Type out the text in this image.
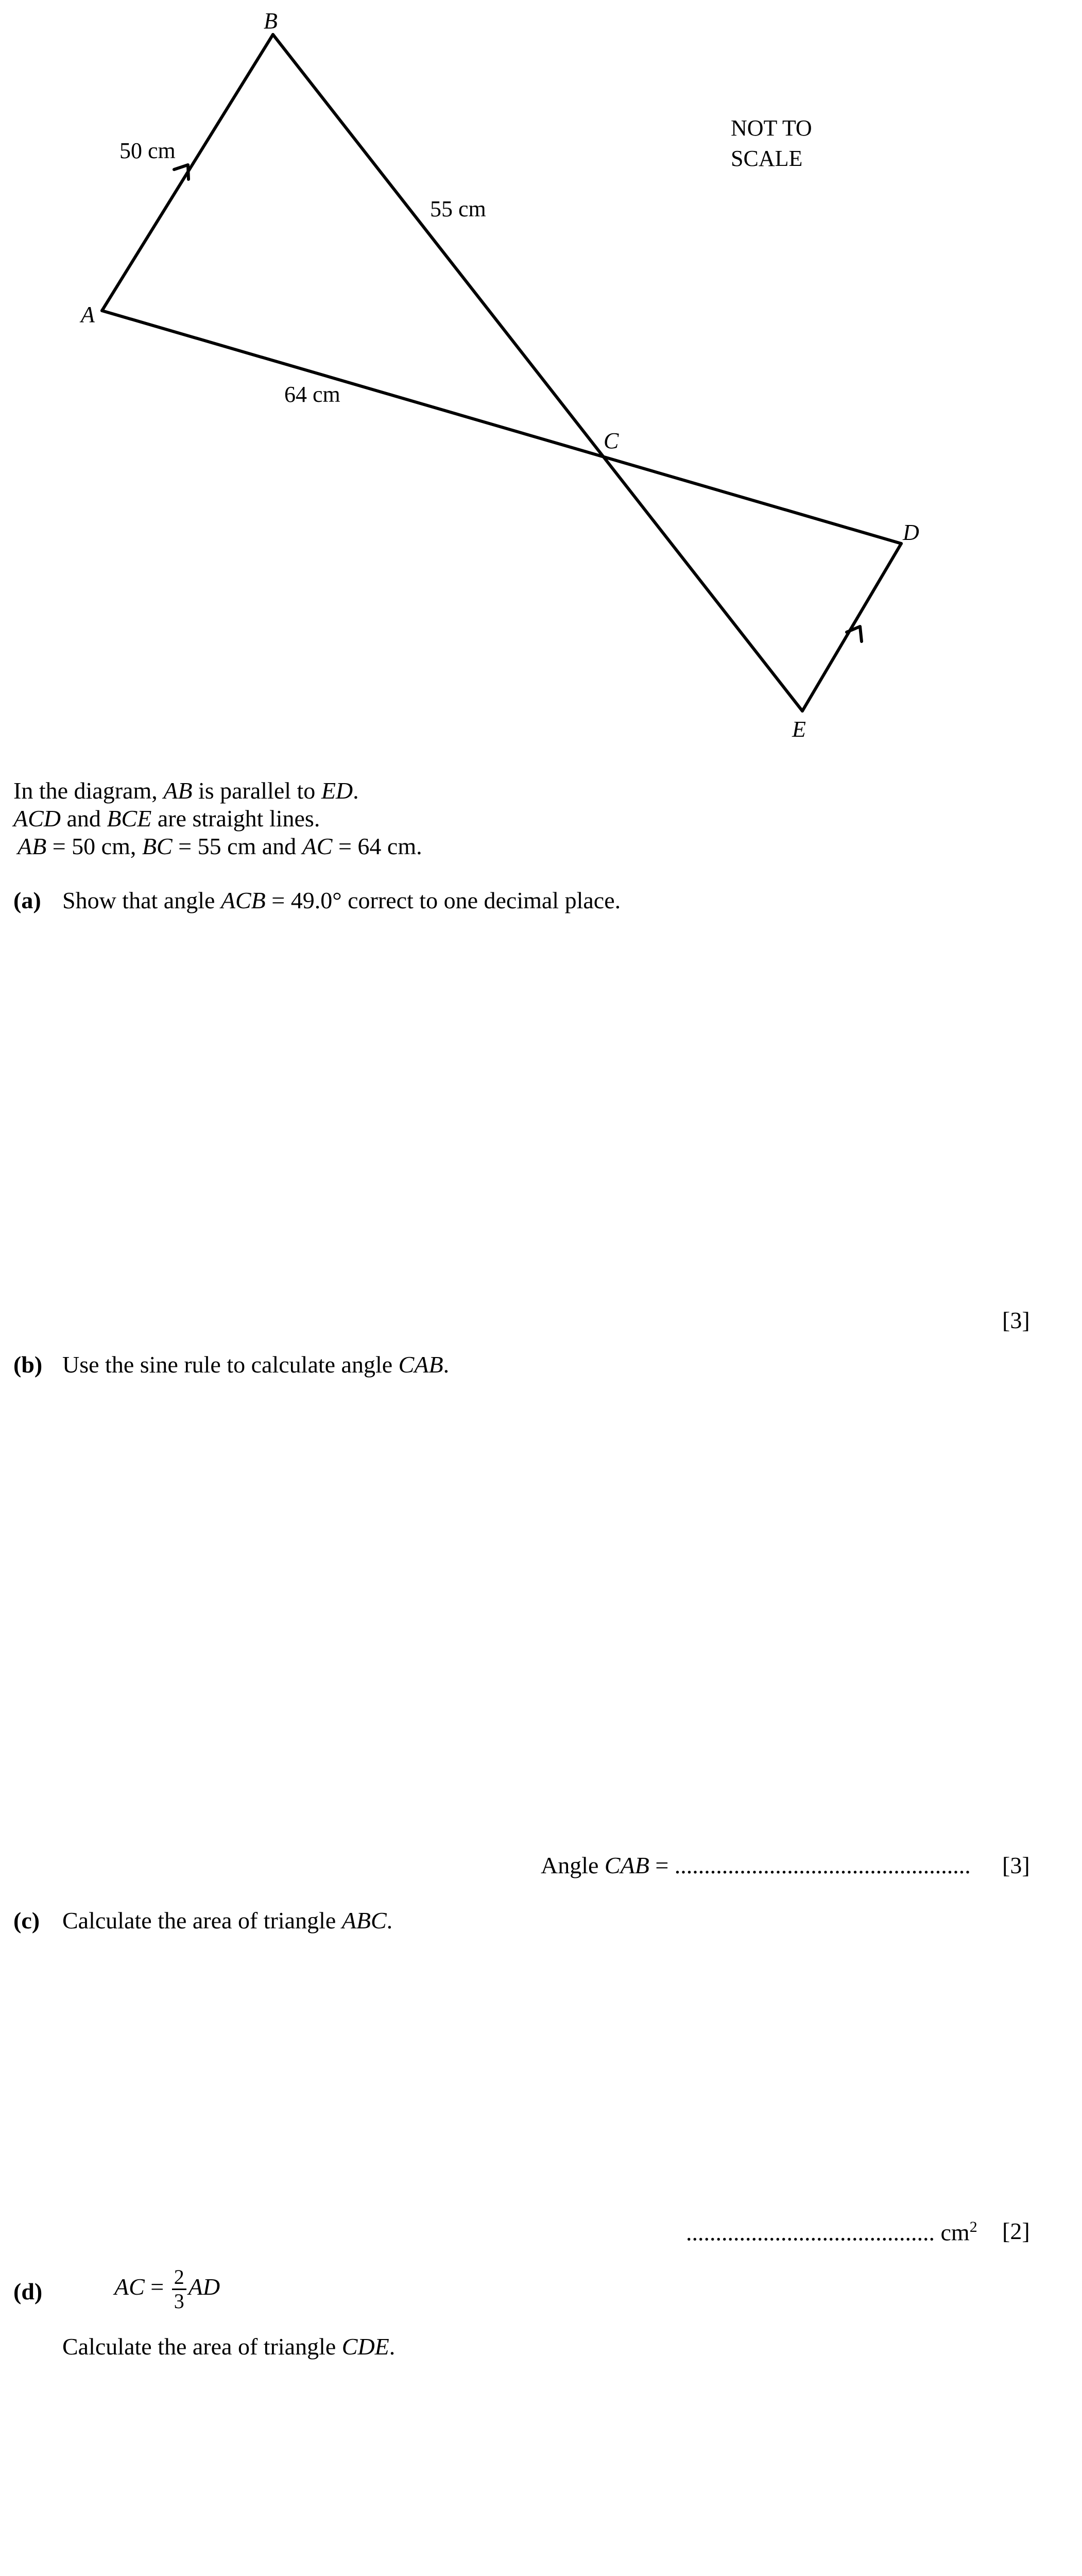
A
B
C
D
E
50 cm
55 cm
64 cm
NOT TO
SCALE
In the diagram, AB is parallel to ED.
ACD and BCE are straight lines.
AB = 50 cm, BC = 55 cm and AC = 64 cm.
(a) Show that angle ACB = 49.0° correct to one decimal place.
[3]
(b) Use the sine rule to calculate angle CAB.
Angle CAB = .................................................. [3]
(c) Calculate the area of triangle ABC.
.......................................... $cm^2$ [2]
(d)	AC = $\frac{2}{3}$ AD
Calculate the area of triangle CDE.
